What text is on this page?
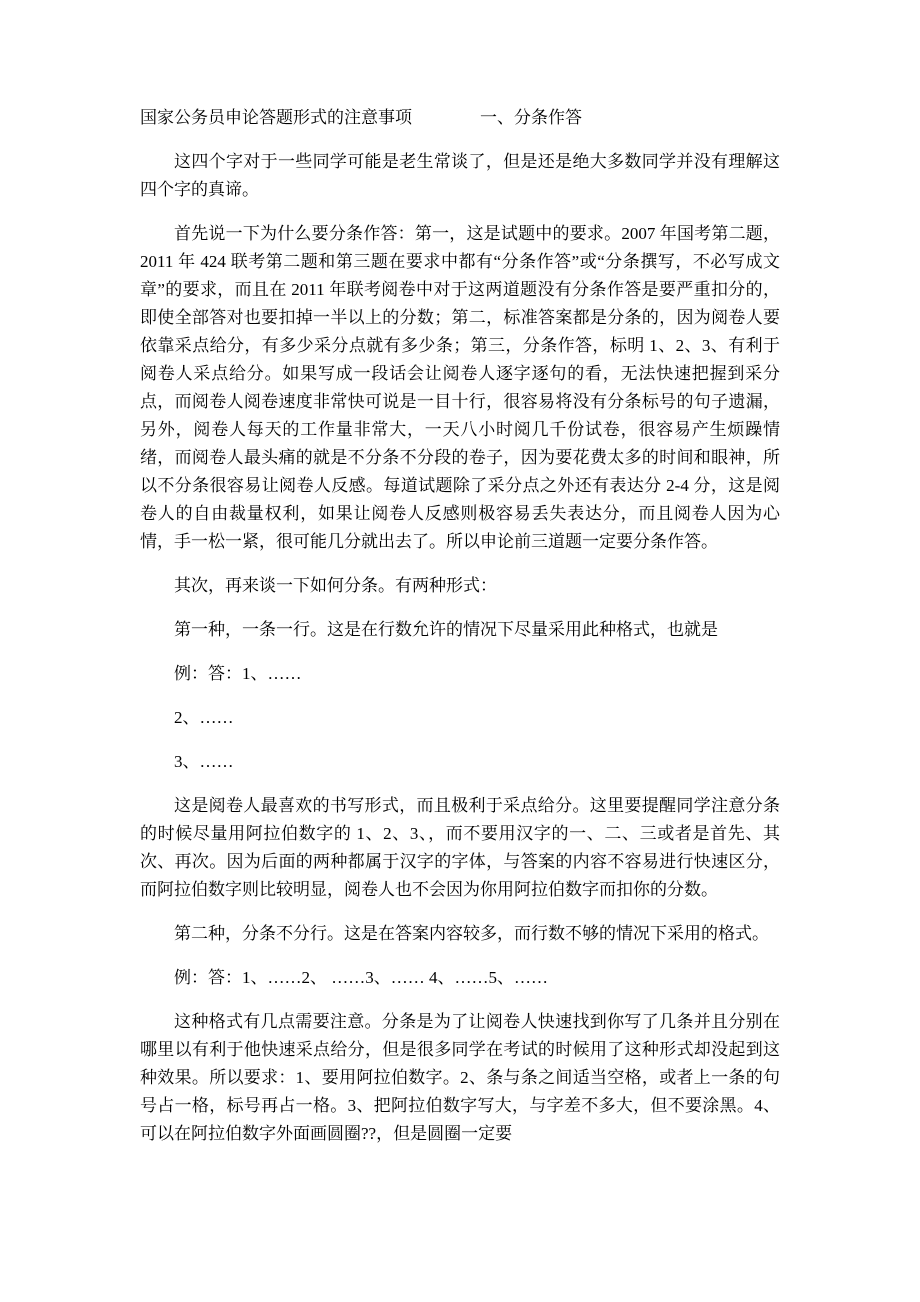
国家公务员申论答题形式的注意事项　　　　一、分条作答

这四个字对于一些同学可能是老生常谈了，但是还是绝大多数同学并没有理解这四个字的真谛。

首先说一下为什么要分条作答：第一，这是试题中的要求。2007 年国考第二题，2011 年 424 联考第二题和第三题在要求中都有“分条作答”或“分条撰写，不必写成文章”的要求，而且在 2011 年联考阅卷中对于这两道题没有分条作答是要严重扣分的，即使全部答对也要扣掉一半以上的分数；第二，标准答案都是分条的，因为阅卷人要依靠采点给分，有多少采分点就有多少条；第三，分条作答，标明 1、2、3、有利于阅卷人采点给分。如果写成一段话会让阅卷人逐字逐句的看，无法快速把握到采分点，而阅卷人阅卷速度非常快可说是一目十行，很容易将没有分条标号的句子遗漏，另外，阅卷人每天的工作量非常大，一天八小时阅几千份试卷，很容易产生烦躁情绪，而阅卷人最头痛的就是不分条不分段的卷子，因为要花费太多的时间和眼神，所以不分条很容易让阅卷人反感。每道试题除了采分点之外还有表达分 2-4 分，这是阅卷人的自由裁量权利，如果让阅卷人反感则极容易丢失表达分，而且阅卷人因为心情，手一松一紧，很可能几分就出去了。所以申论前三道题一定要分条作答。

其次，再来谈一下如何分条。有两种形式：

第一种，一条一行。这是在行数允许的情况下尽量采用此种格式，也就是

例：答：1、……

2、……

3、……

这是阅卷人最喜欢的书写形式，而且极利于采点给分。这里要提醒同学注意分条的时候尽量用阿拉伯数字的 1、2、3、，而不要用汉字的一、二、三或者是首先、其次、再次。因为后面的两种都属于汉字的字体，与答案的内容不容易进行快速区分，而阿拉伯数字则比较明显，阅卷人也不会因为你用阿拉伯数字而扣你的分数。

第二种，分条不分行。这是在答案内容较多，而行数不够的情况下采用的格式。

例：答：1、……2、 ……3、…… 4、……5、……

这种格式有几点需要注意。分条是为了让阅卷人快速找到你写了几条并且分别在哪里以有利于他快速采点给分，但是很多同学在考试的时候用了这种形式却没起到这种效果。所以要求：1、要用阿拉伯数字。2、条与条之间适当空格，或者上一条的句号占一格，标号再占一格。3、把阿拉伯数字写大，与字差不多大，但不要涂黑。4、可以在阿拉伯数字外面画圆圈??，但是圆圈一定要
